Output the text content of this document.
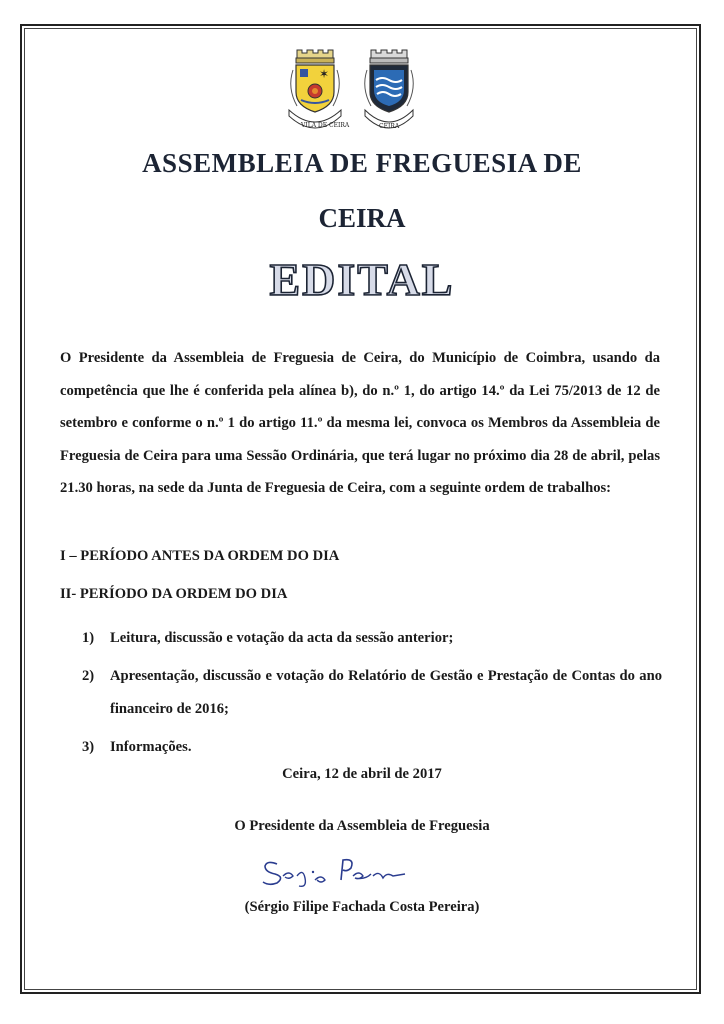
✶
VILA DE CEIRA	CEIRA
ASSEMBLEIA DE FREGUESIA DE
CEIRA
EDITAL
O Presidente da Assembleia de Freguesia de Ceira, do Município de Coimbra, usando da competência que lhe é conferida pela alínea b), do n.º 1, do artigo 14.º da Lei 75/2013 de 12 de setembro e conforme o n.º 1 do artigo 11.º da mesma lei, convoca os Membros da Assembleia de Freguesia de Ceira para uma Sessão Ordinária, que terá lugar no próximo dia 28 de abril, pelas 21.30 horas, na sede da Junta de Freguesia de Ceira, com a seguinte ordem de trabalhos:
I – PERÍODO ANTES DA ORDEM DO DIA
II- PERÍODO DA ORDEM DO DIA
1)	Leitura, discussão e votação da acta da sessão anterior;
2)	Apresentação, discussão e votação do Relatório de Gestão e Prestação de Contas do ano financeiro de 2016;
3)	Informações.
Ceira, 12 de abril de 2017
O Presidente da Assembleia de Freguesia
(Sérgio Filipe Fachada Costa Pereira)
